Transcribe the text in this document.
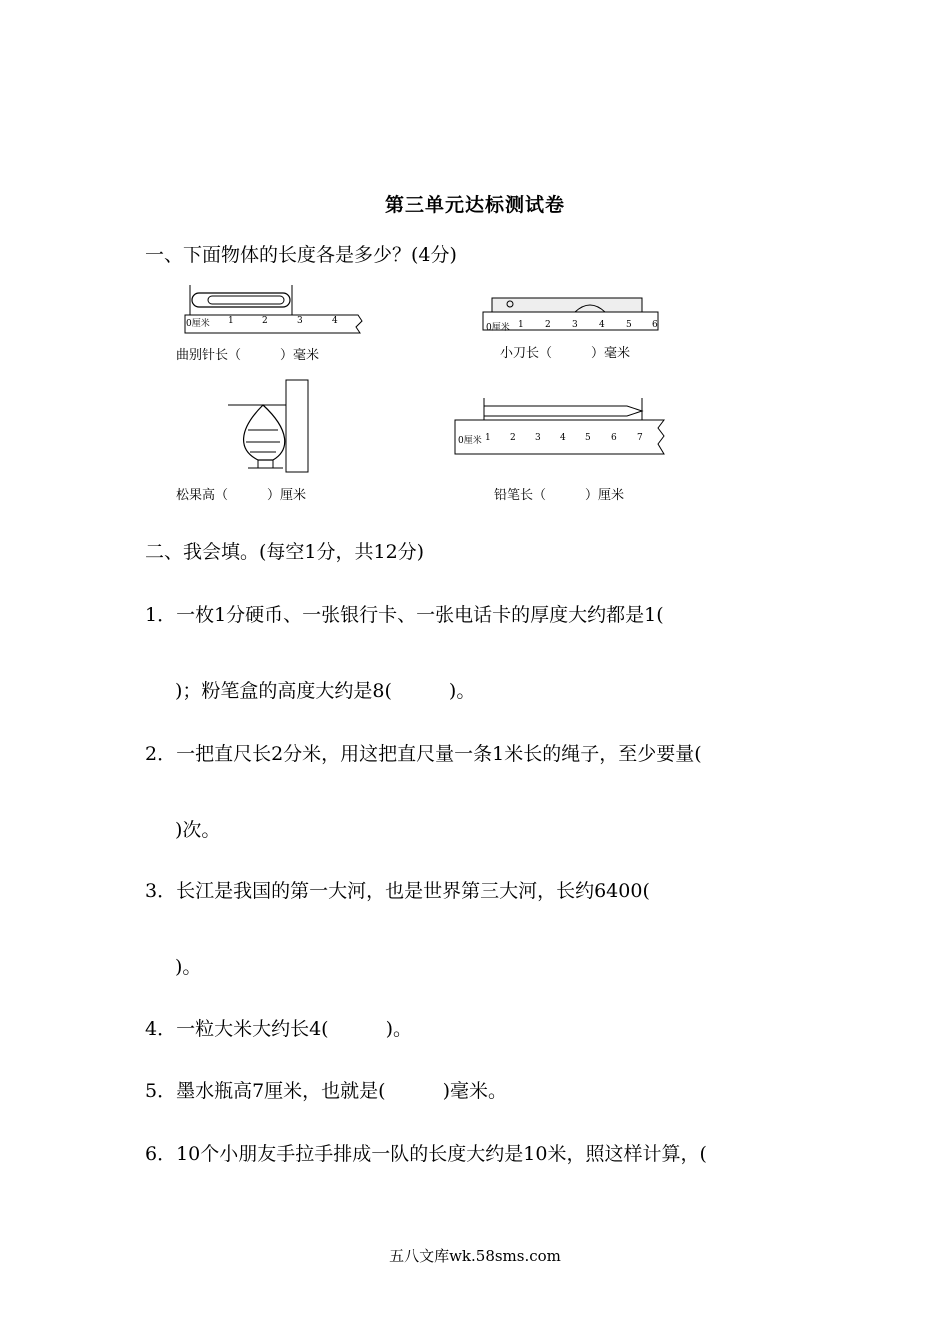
第三单元达标测试卷
一、下面物体的长度各是多少？(4分)
0厘米 1	2	3	4
曲别针长（　　　）毫米
0厘米 1 2 3 4 5 6
小刀长（　　　）毫米
松果高（　　　）厘米
0厘米 1 2 3 4 5 6 7
铅笔长（　　　）厘米
二、我会填。(每空1分，共12分)
1．一枚1分硬币、一张银行卡、一张电话卡的厚度大约都是1(
)；粉笔盒的高度大约是8(　　　)。
2．一把直尺长2分米，用这把直尺量一条1米长的绳子，至少要量(
)次。
3．长江是我国的第一大河，也是世界第三大河，长约6400(
)。
4．一粒大米大约长4(　　　)。
5．墨水瓶高7厘米，也就是(　　　)毫米。
6．10个小朋友手拉手排成一队的长度大约是10米，照这样计算，(
五八文库wk.58sms.com
